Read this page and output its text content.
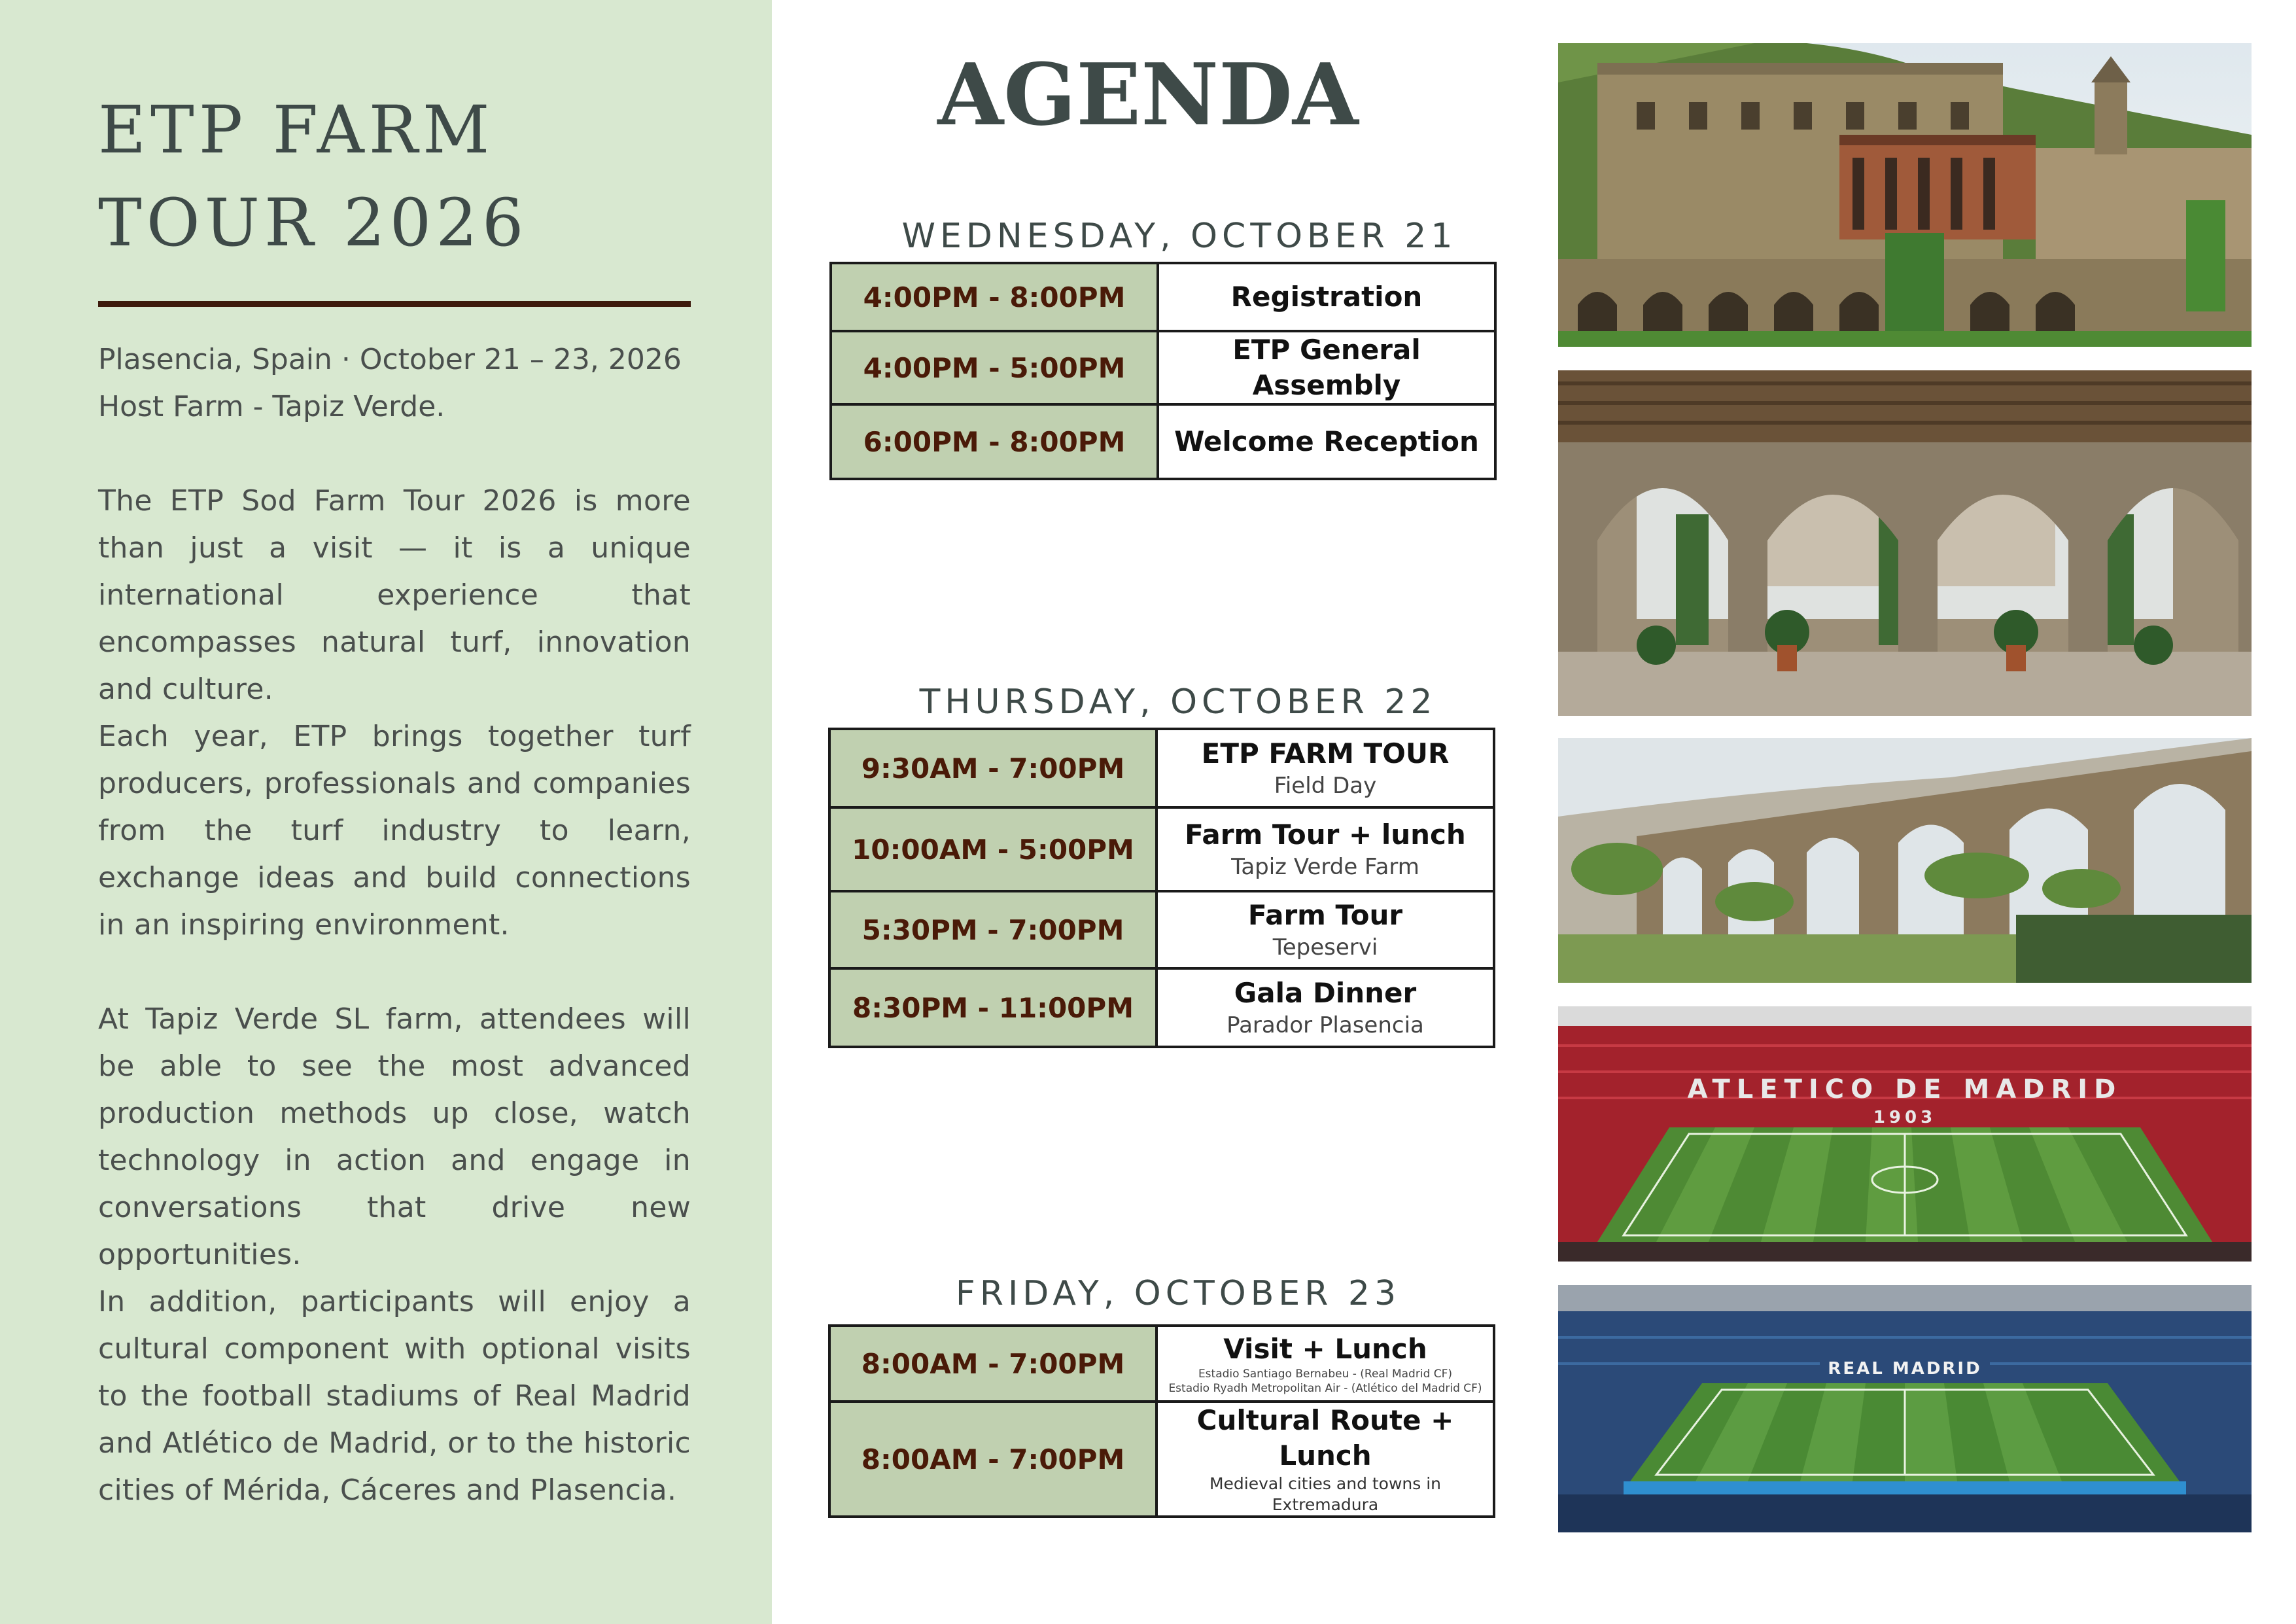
ETP FARM TOUR 2026

Plasencia, Spain · October 21 – 23, 2026
Host Farm - Tapiz Verde.

The ETP Sod Farm Tour 2026 is more than just a visit — it is a unique international experience that encompasses natural turf, innovation and culture.

Each year, ETP brings together turf producers, professionals and companies from the turf industry to learn, exchange ideas and build connections in an inspiring environment.

At Tapiz Verde SL farm, attendees will be able to see the most advanced production methods up close, watch technology in action and engage in conversations that drive new opportunities.

In addition, participants will enjoy a cultural component with optional visits to the football stadiums of Real Madrid and Atlético de Madrid, or to the historic cities of Mérida, Cáceres and Plasencia.

AGENDA
WEDNESDAY, OCTOBER 21
4:00PM - 8:00PM	Registration

4:00PM - 5:00PM	ETP General Assembly

6:00PM - 8:00PM	Welcome Reception
THURSDAY, OCTOBER 22
9:30AM - 7:00PM	ETP FARM TOUR
Field Day

10:00AM - 5:00PM	Farm Tour + lunch
Tapiz Verde Farm

5:30PM - 7:00PM	Farm Tour
Tepeservi

8:30PM - 11:00PM	Gala Dinner
Parador Plasencia
FRIDAY, OCTOBER 23
8:00AM - 7:00PM	Visit + Lunch
Estadio Santiago Bernabeu - (Real Madrid CF)
Estadio Ryadh Metropolitan Air - (Atlético del Madrid CF)

8:00AM - 7:00PM	Cultural Route + Lunch
Medieval cities and towns in Extremadura
ATLETICO DE MADRID
1903
REAL MADRID
